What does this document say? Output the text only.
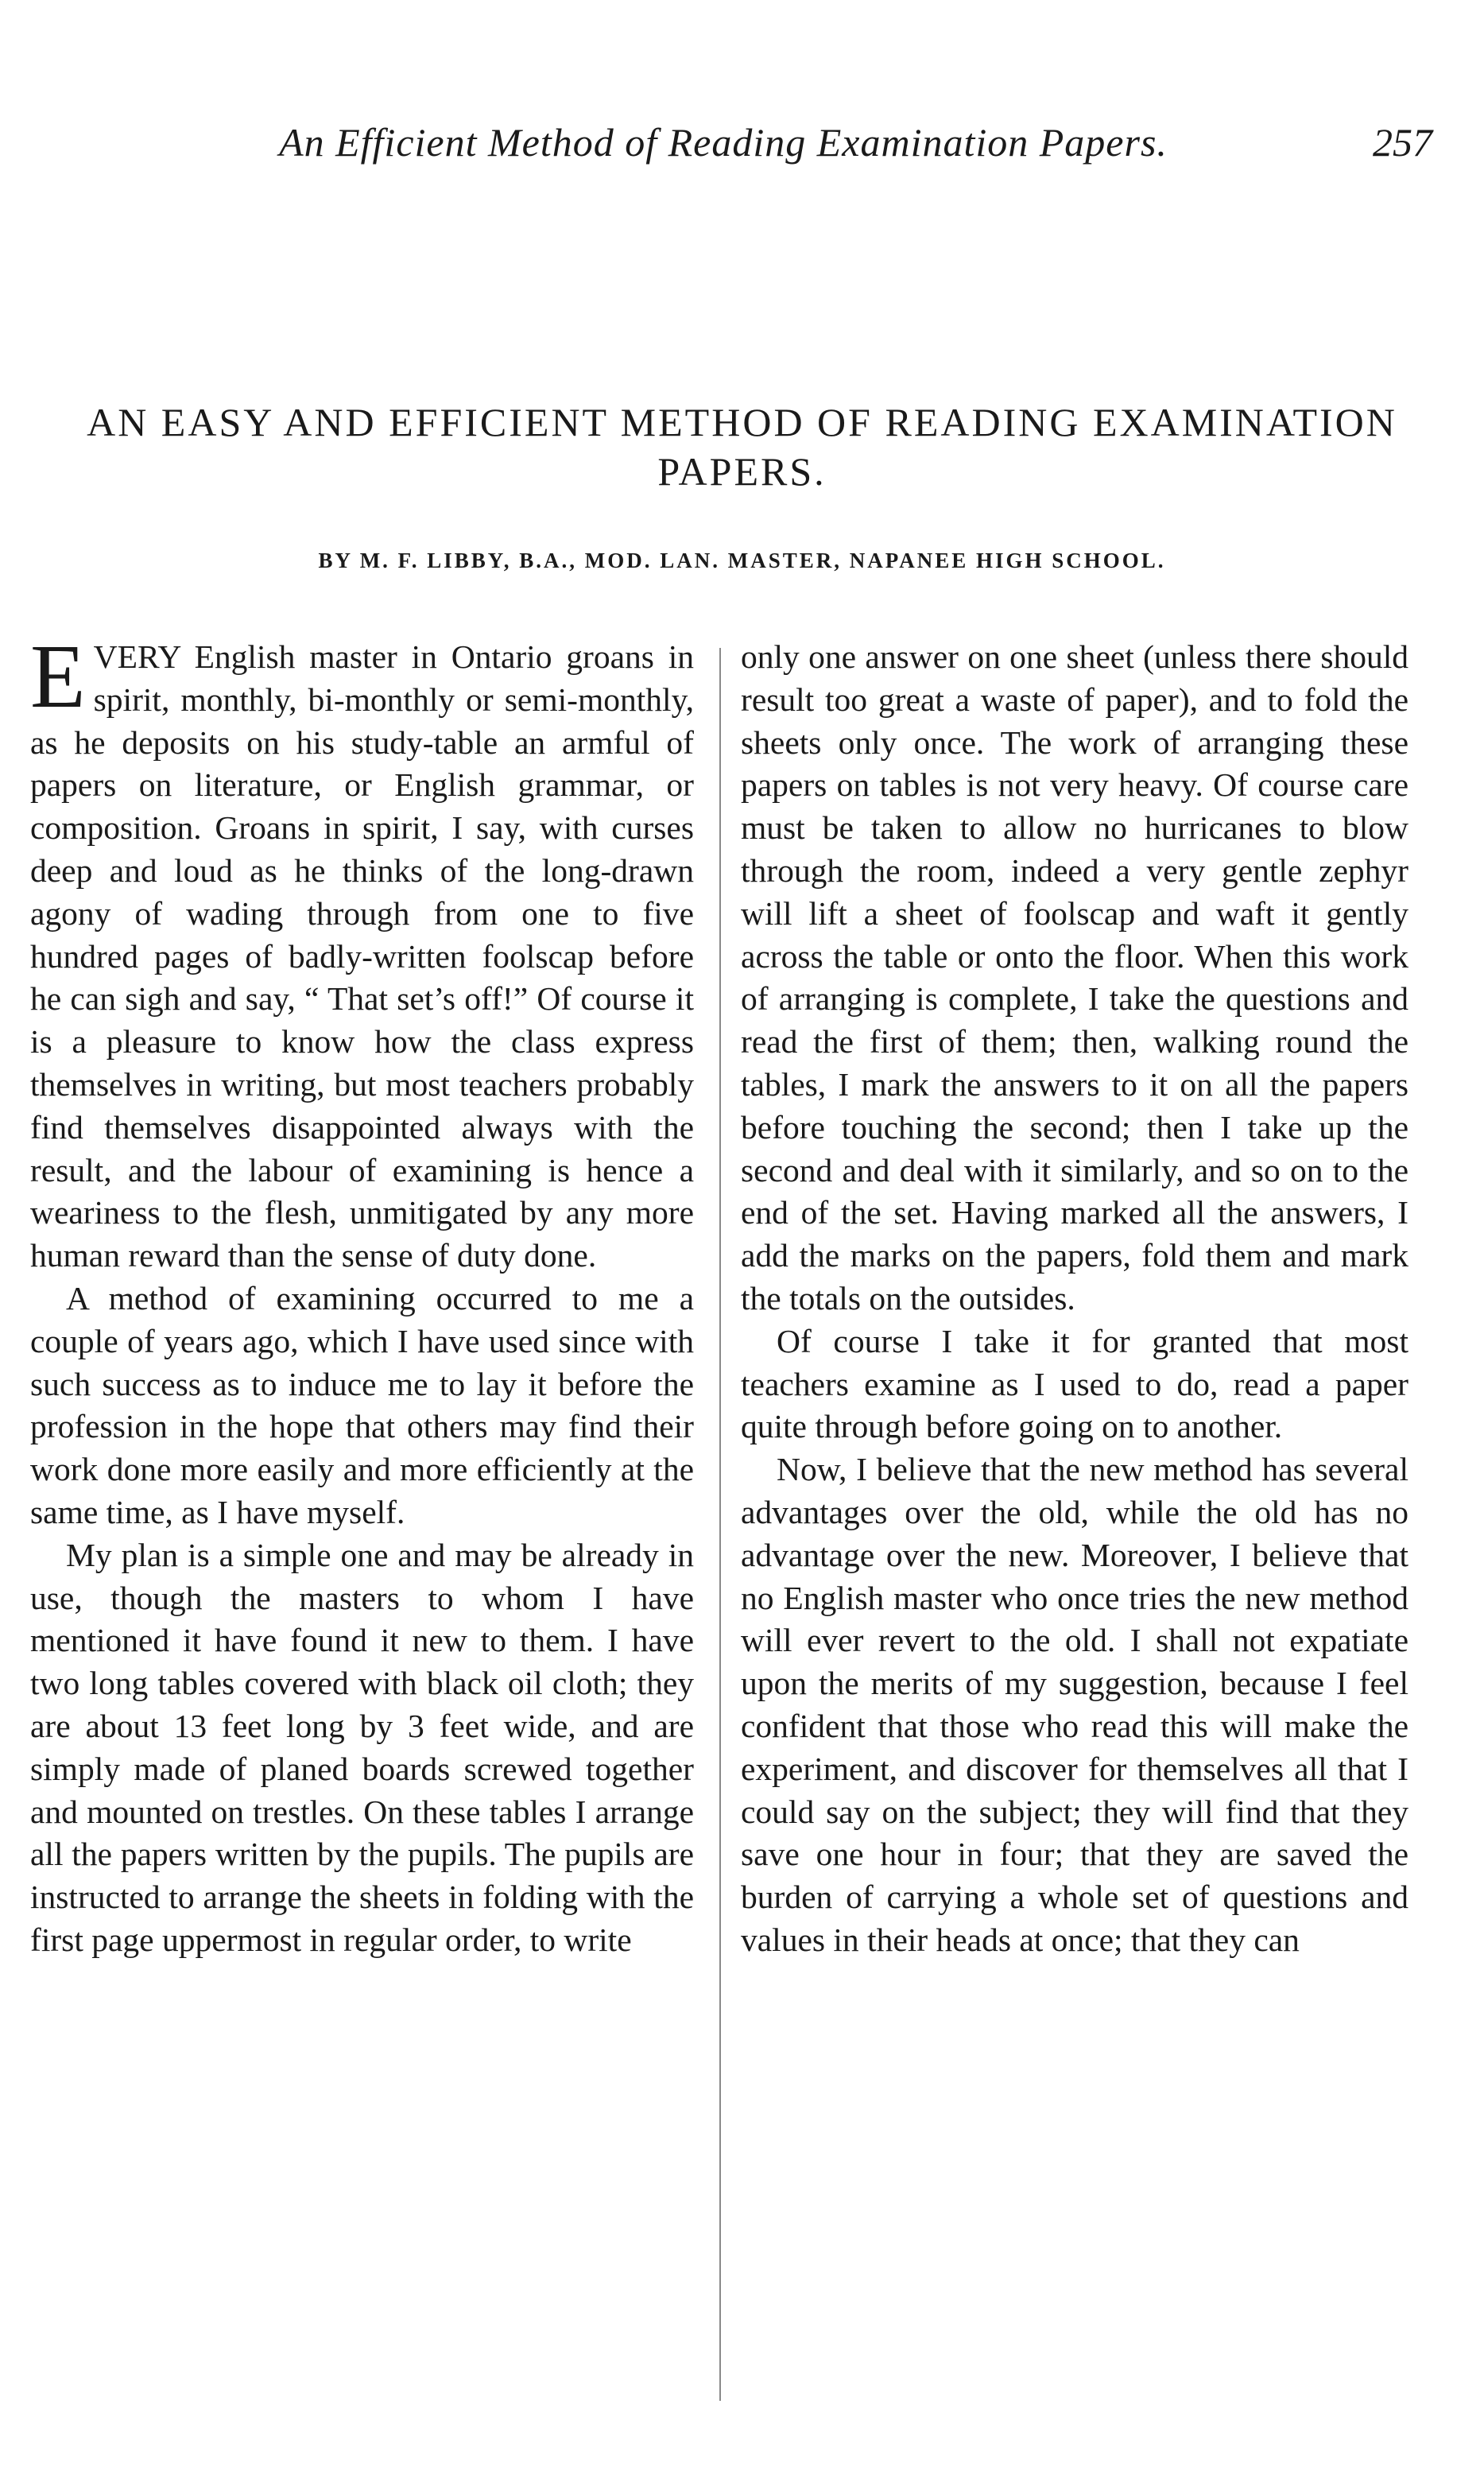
An Efficient Method of Reading Examination Papers.	257
AN EASY AND EFFICIENT METHOD OF READING EXAMINATION PAPERS.
BY M. F. LIBBY, B.A., MOD. LAN. MASTER, NAPANEE HIGH SCHOOL.

EVERY English master in Ontario groans in spirit, monthly, bi-monthly or semi-monthly, as he deposits on his study-table an armful of papers on literature, or English grammar, or composition. Groans in spirit, I say, with curses deep and loud as he thinks of the long-drawn agony of wading through from one to five hundred pages of badly-written foolscap before he can sigh and say, “ That set’s off!” Of course it is a pleasure to know how the class express themselves in writing, but most teachers probably find themselves disappointed always with the result, and the labour of examining is hence a weariness to the flesh, unmitigated by any more human reward than the sense of duty done.

A method of examining occurred to me a couple of years ago, which I have used since with such success as to induce me to lay it before the profession in the hope that others may find their work done more easily and more efficiently at the same time, as I have myself.

My plan is a simple one and may be already in use, though the masters to whom I have mentioned it have found it new to them. I have two long tables covered with black oil cloth; they are about 13 feet long by 3 feet wide, and are simply made of planed boards screwed together and mounted on trestles. On these tables I arrange all the papers written by the pupils. The pupils are instructed to arrange the sheets in folding with the first page uppermost in regular order, to write

only one answer on one sheet (unless there should result too great a waste of paper), and to fold the sheets only once. The work of arranging these papers on tables is not very heavy. Of course care must be taken to allow no hurricanes to blow through the room, indeed a very gentle zephyr will lift a sheet of foolscap and waft it gently across the table or onto the floor. When this work of arranging is complete, I take the questions and read the first of them; then, walking round the tables, I mark the answers to it on all the papers before touching the second; then I take up the second and deal with it similarly, and so on to the end of the set. Having marked all the answers, I add the marks on the papers, fold them and mark the totals on the outsides.

Of course I take it for granted that most teachers examine as I used to do, read a paper quite through before going on to another.

Now, I believe that the new method has several advantages over the old, while the old has no advantage over the new. Moreover, I believe that no English master who once tries the new method will ever revert to the old. I shall not expatiate upon the merits of my suggestion, because I feel confident that those who read this will make the experiment, and discover for themselves all that I could say on the subject; they will find that they save one hour in four; that they are saved the burden of carrying a whole set of questions and values in their heads at once; that they can
